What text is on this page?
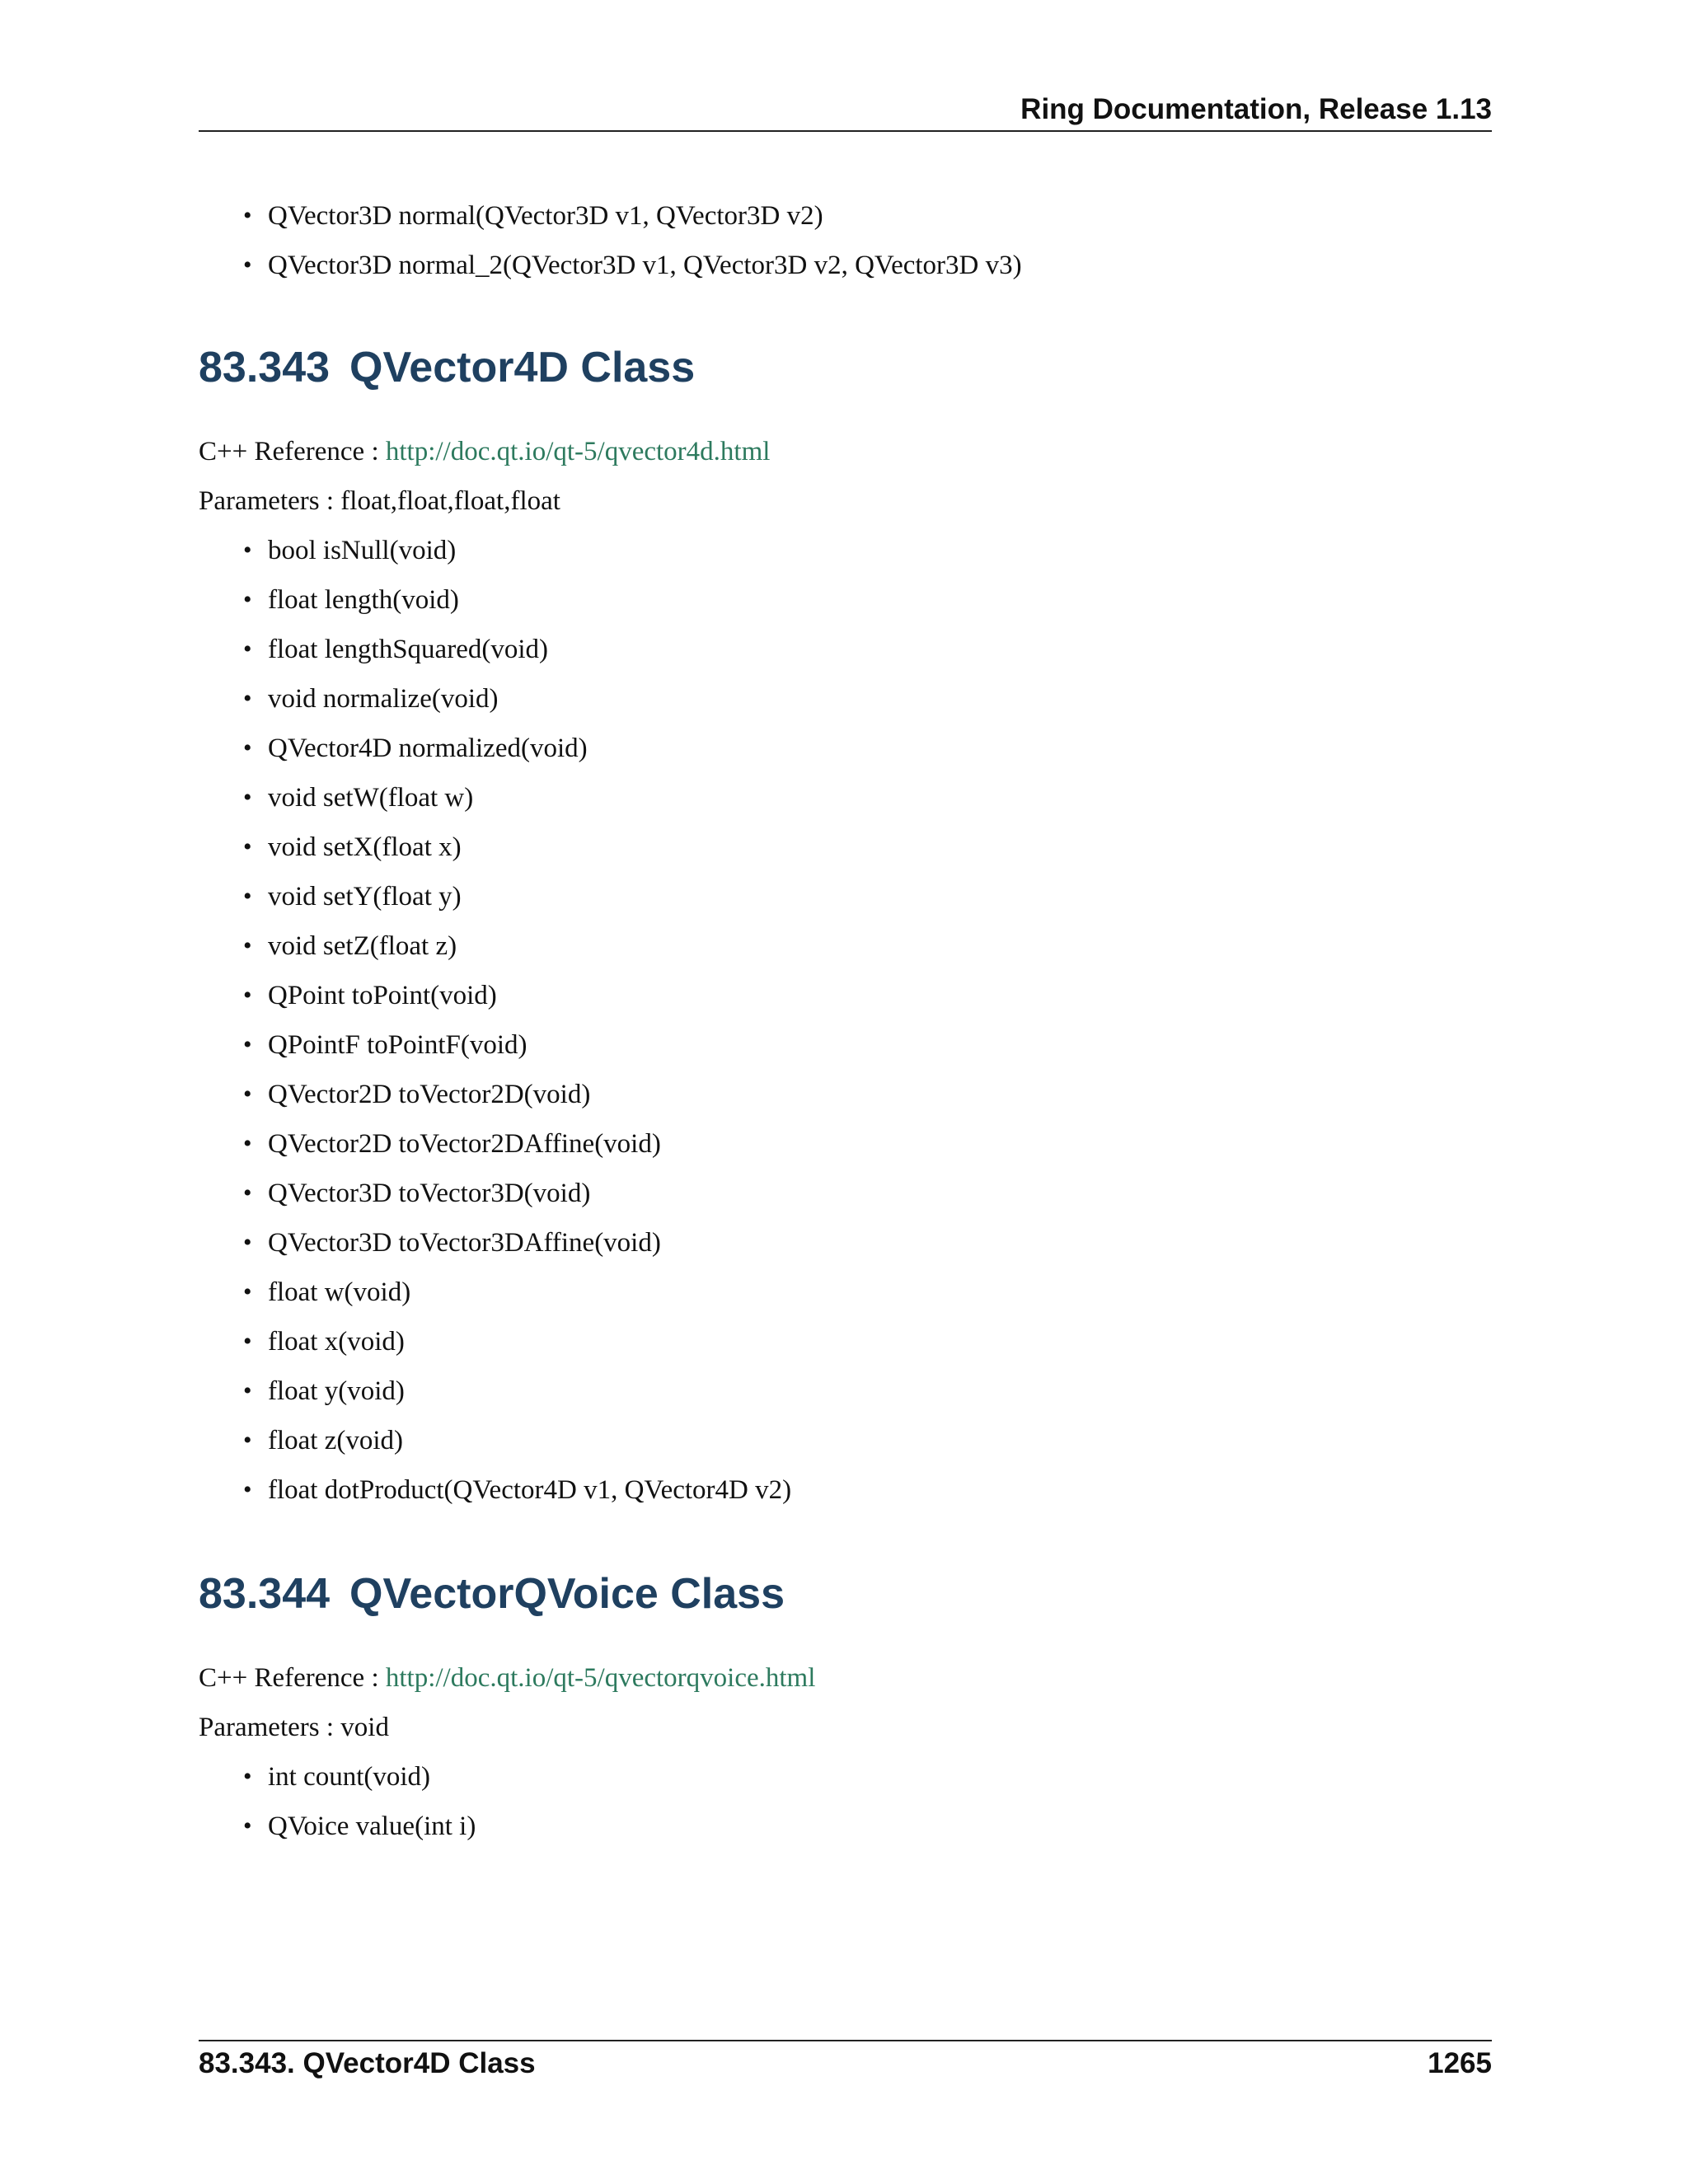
Ring Documentation, Release 1.13
• QVector3D normal(QVector3D v1, QVector3D v2)
• QVector3D normal_2(QVector3D v1, QVector3D v2, QVector3D v3)
83.343 QVector4D Class
C++ Reference : http://doc.qt.io/qt-5/qvector4d.html
Parameters : float,float,float,float
• bool isNull(void)
• float length(void)
• float lengthSquared(void)
• void normalize(void)
• QVector4D normalized(void)
• void setW(float w)
• void setX(float x)
• void setY(float y)
• void setZ(float z)
• QPoint toPoint(void)
• QPointF toPointF(void)
• QVector2D toVector2D(void)
• QVector2D toVector2DAffine(void)
• QVector3D toVector3D(void)
• QVector3D toVector3DAffine(void)
• float w(void)
• float x(void)
• float y(void)
• float z(void)
• float dotProduct(QVector4D v1, QVector4D v2)
83.344 QVectorQVoice Class
C++ Reference : http://doc.qt.io/qt-5/qvectorqvoice.html
Parameters : void
• int count(void)
• QVoice value(int i)
83.343. QVector4D Class	1265
